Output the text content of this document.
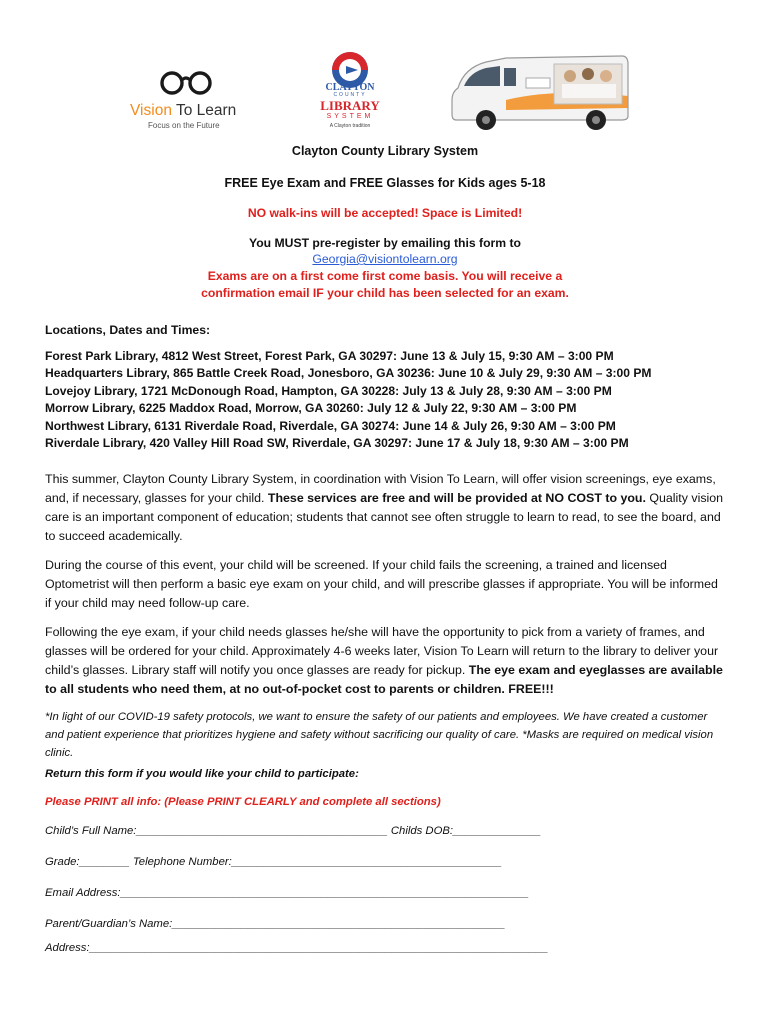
Vision To Learn
Focus on the Future
CLAYTON
COUNTY
LIBRARY
SYSTEM
A Clayton tradition
Clayton County Library System
FREE Eye Exam and FREE Glasses for Kids ages 5-18
NO walk-ins will be accepted! Space is Limited!
You MUST pre-register by emailing this form to
Georgia@visiontolearn.org
Exams are on a first come first come basis. You will receive a
confirmation email IF your child has been selected for an exam.
Locations, Dates and Times:
Forest Park Library, 4812 West Street, Forest Park, GA 30297: June 13 & July 15, 9:30 AM – 3:00 PM
Headquarters Library, 865 Battle Creek Road, Jonesboro, GA 30236: June 10 & July 29, 9:30 AM – 3:00 PM
Lovejoy Library, 1721 McDonough Road, Hampton, GA 30228: July 13 & July 28, 9:30 AM – 3:00 PM
Morrow Library, 6225 Maddox Road, Morrow, GA 30260: July 12 & July 22, 9:30 AM – 3:00 PM
Northwest Library, 6131 Riverdale Road, Riverdale, GA 30274: June 14 & July 26, 9:30 AM – 3:00 PM
Riverdale Library, 420 Valley Hill Road SW, Riverdale, GA 30297: June 17 & July 18, 9:30 AM – 3:00 PM

This summer, Clayton County Library System, in coordination with Vision To Learn, will offer vision screenings, eye exams, and, if necessary, glasses for your child. These services are free and will be provided at NO COST to you. Quality vision care is an important component of education; students that cannot see often struggle to learn to read, to see the board, and to succeed academically.

During the course of this event, your child will be screened. If your child fails the screening, a trained and licensed Optometrist will then perform a basic eye exam on your child, and will prescribe glasses if appropriate. You will be informed if your child may need follow-up care.

Following the eye exam, if your child needs glasses he/she will have the opportunity to pick from a variety of frames, and glasses will be ordered for your child. Approximately 4-6 weeks later, Vision To Learn will return to the library to deliver your child’s glasses. Library staff will notify you once glasses are ready for pickup. The eye exam and eyeglasses are available to all students who need them, at no out-of-pocket cost to parents or children. FREE!!!

*In light of our COVID-19 safety protocols, we want to ensure the safety of our patients and employees. We have created a customer and patient experience that prioritizes hygiene and safety without sacrificing our quality of care. *Masks are required on medical vision clinic.
Return this form if you would like your child to participate:
Please PRINT all info: (Please PRINT CLEARLY and complete all sections)
Child’s Full Name:________________________________________ Childs DOB:______________
Grade:________ Telephone Number:___________________________________________
Email Address:_________________________________________________________________
Parent/Guardian’s Name:_____________________________________________________
Address:_________________________________________________________________________
